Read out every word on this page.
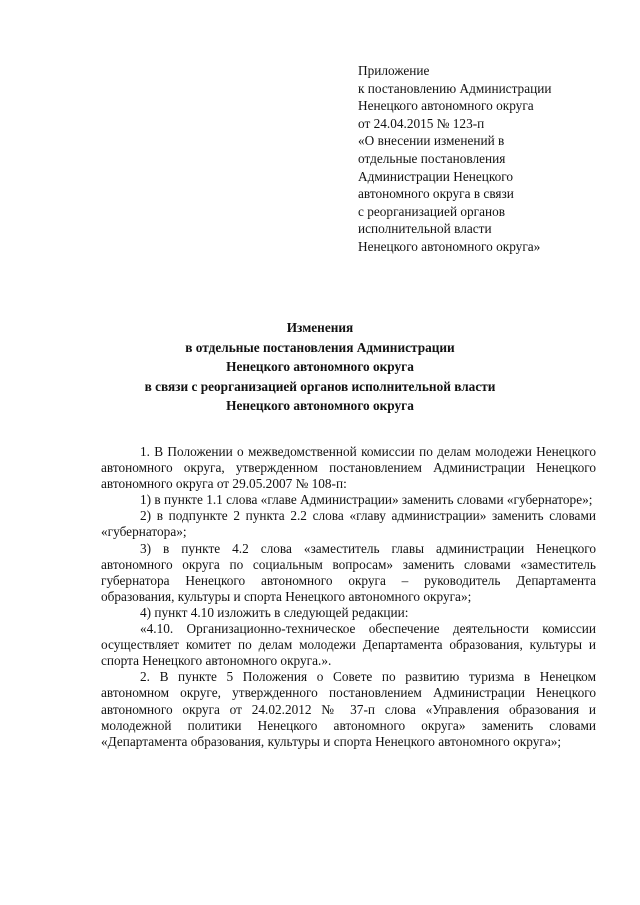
Приложение
к постановлению Администрации
Ненецкого автономного округа
от 24.04.2015 № 123-п
«О внесении изменений в
отдельные постановления
Администрации Ненецкого
автономного округа в связи
с реорганизацией органов
исполнительной власти
Ненецкого автономного округа»
Изменения
в отдельные постановления Администрации
Ненецкого автономного округа
в связи с реорганизацией органов исполнительной власти
Ненецкого автономного округа

1. В Положении о межведомственной комиссии по делам молодежи Ненецкого автономного округа, утвержденном постановлением Администрации Ненецкого автономного округа от 29.05.2007 № 108-п:

1) в пункте 1.1 слова «главе Администрации» заменить словами «губернаторе»;

2) в подпункте 2 пункта 2.2 слова «главу администрации» заменить словами «губернатора»;

3) в пункте 4.2 слова «заместитель главы администрации Ненецкого автономного округа по социальным вопросам» заменить словами «заместитель губернатора Ненецкого автономного округа – руководитель Департамента образования, культуры и спорта Ненецкого автономного округа»;

4) пункт 4.10 изложить в следующей редакции:

«4.10. Организационно-техническое обеспечение деятельности комиссии осуществляет комитет по делам молодежи Департамента образования, культуры и спорта Ненецкого автономного округа.».

2. В пункте 5 Положения о Совете по развитию туризма в Ненецком автономном округе, утвержденного постановлением Администрации Ненецкого автономного округа от 24.02.2012 № 37-п слова «Управления образования и молодежной политики Ненецкого автономного округа» заменить словами «Департамента образования, культуры и спорта Ненецкого автономного округа»;
